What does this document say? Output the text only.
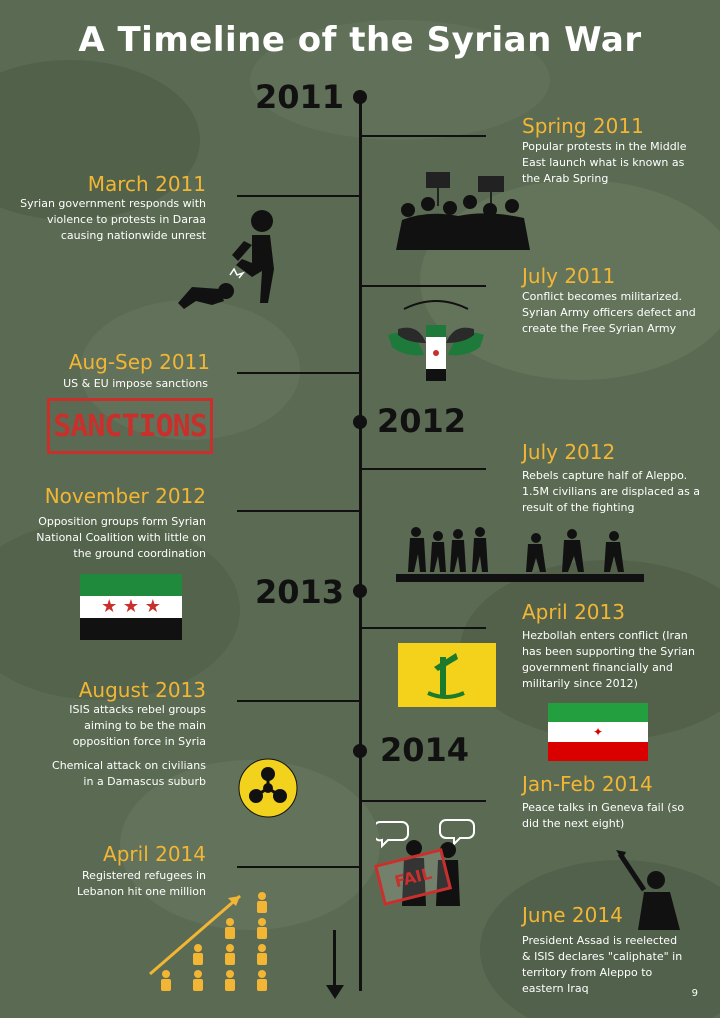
A Timeline of the Syrian War
2011
2012
2013
2014
Spring 2011
Popular protests in the Middle East launch what is known as the Arab Spring
July 2011
Conflict becomes militarized. Syrian Army officers defect and create the Free Syrian Army
July 2012
Rebels capture half of Aleppo. 1.5M civilians are displaced as a result of the fighting
April 2013
Hezbollah enters conflict (Iran has been supporting the Syrian government financially and militarily since 2012)
Jan-Feb 2014
Peace talks in Geneva fail (so did the next eight)
June 2014
President Assad is reelected & ISIS declares "caliphate" in territory from Aleppo to eastern Iraq
March 2011
Syrian government responds with violence to protests in Daraa causing nationwide unrest
Aug-Sep 2011
US & EU impose sanctions
November 2012
Opposition groups form Syrian National Coalition with little on the ground coordination
August 2013
ISIS attacks rebel groups aiming to be the main opposition force in Syria
Chemical attack on civilians in a Damascus suburb
April 2014
Registered refugees in Lebanon hit one million
SANCTIONS
★ ★ ★
✦
FAIL
9
